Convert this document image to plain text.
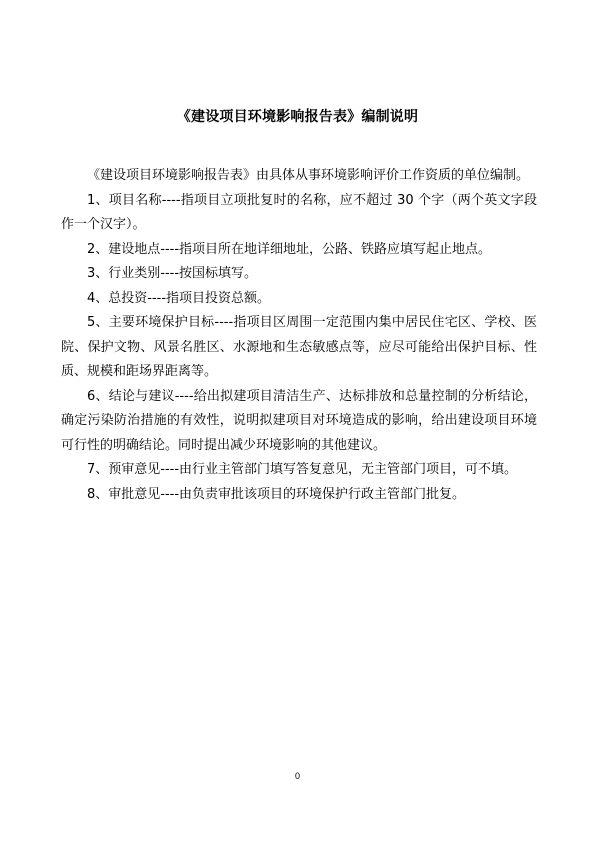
《建设项目环境影响报告表》编制说明

《建设项目环境影响报告表》由具体从事环境影响评价工作资质的单位编制。

1、项目名称----指项目立项批复时的名称，应不超过 30 个字（两个英文字段作一个汉字）。

2、建设地点----指项目所在地详细地址，公路、铁路应填写起止地点。

3、行业类别----按国标填写。

4、总投资----指项目投资总额。

5、主要环境保护目标----指项目区周围一定范围内集中居民住宅区、学校、医院、保护文物、风景名胜区、水源地和生态敏感点等，应尽可能给出保护目标、性质、规模和距场界距离等。

6、结论与建议----给出拟建项目清洁生产、达标排放和总量控制的分析结论，确定污染防治措施的有效性，说明拟建项目对环境造成的影响，给出建设项目环境可行性的明确结论。同时提出减少环境影响的其他建议。

7、预审意见----由行业主管部门填写答复意见，无主管部门项目，可不填。

8、审批意见----由负责审批该项目的环境保护行政主管部门批复。

0
